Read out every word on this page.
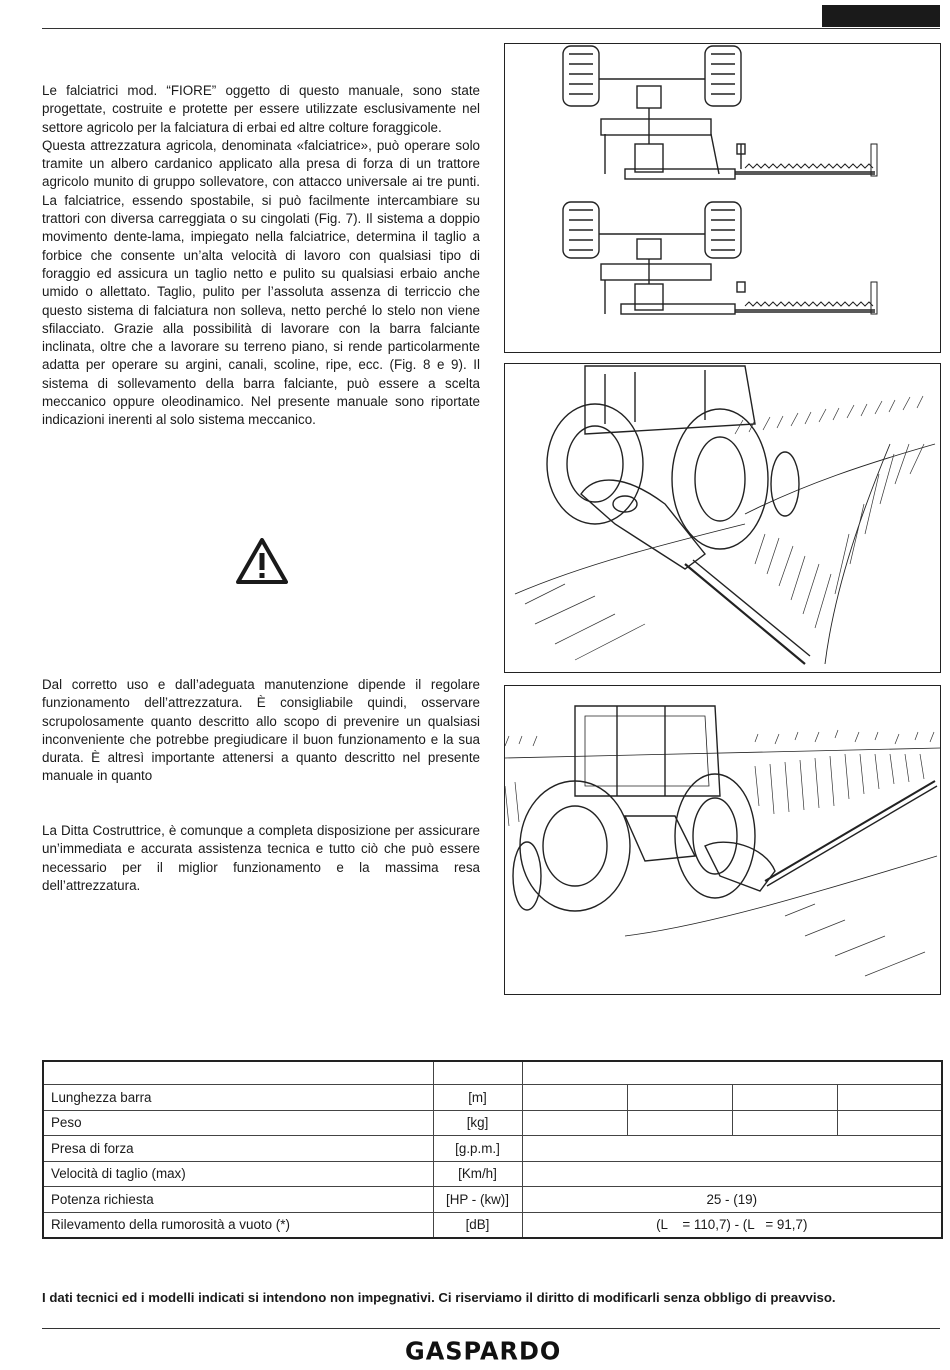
Le falciatrici mod. “FIORE” oggetto di questo manuale, sono state progettate, costruite e protette per essere utilizzate esclusivamente nel settore agricolo per la falciatura di erbai ed altre colture foraggicole.

Questa attrezzatura agricola, denominata «falciatrice», può operare solo tramite un albero cardanico applicato alla presa di forza di un trattore agricolo munito di gruppo sollevatore, con attacco universale ai tre punti. La falciatrice, essendo spostabile, si può facilmente intercambiare su trattori con diversa carreggiata o su cingolati (Fig. 7). Il sistema a doppio movimento dente-lama, impiegato nella falciatrice, determina il taglio a forbice che consente un’alta velocità di lavoro con qualsiasi tipo di foraggio ed assicura un taglio netto e pulito su qualsiasi erbaio anche umido o allettato. Taglio, pulito per l’assoluta assenza di terriccio che questo sistema di falciatura non solleva, netto perché lo stelo non viene sfilacciato. Grazie alla possibilità di lavorare con la barra falciante inclinata, oltre che a lavorare su terreno piano, si rende particolarmente adatta per operare su argini, canali, scoline, ripe, ecc. (Fig. 8 e 9). Il sistema di sollevamento della barra falciante, può essere a scelta meccanico oppure oleodinamico. Nel presente manuale sono riportate indicazioni inerenti al solo sistema meccanico.

Dal corretto uso e dall’adeguata manutenzione dipende il regolare funzionamento dell’attrezzatura. È consigliabile quindi, osservare scrupolosamente quanto descritto allo scopo di prevenire un qualsiasi inconveniente che potrebbe pregiudicare il buon funzionamento e la sua durata. È altresì importante attenersi a quanto descritto nel presente manuale in quanto

La Ditta Costruttrice, è comunque a completa disposizione per assicurare un’immediata e accurata assistenza tecnica e tutto ciò che può essere necessario per il miglior funzionamento e la massima resa dell’attrezzatura.

Lunghezza barra	[m]				
Peso	[kg]				
Presa di forza	[g.p.m.]				
Velocità di taglio (max)	[Km/h]				
Potenza richiesta	[HP - (kw)]	25 - (19)			
Rilevamento della rumorosità a vuoto (*)	[dB]	(L    = 110,7) - (L   = 91,7)			

I dati tecnici ed i modelli indicati si intendono non impegnativi. Ci riserviamo il diritto di modificarli senza obbligo di preavviso.

GASPARDO
